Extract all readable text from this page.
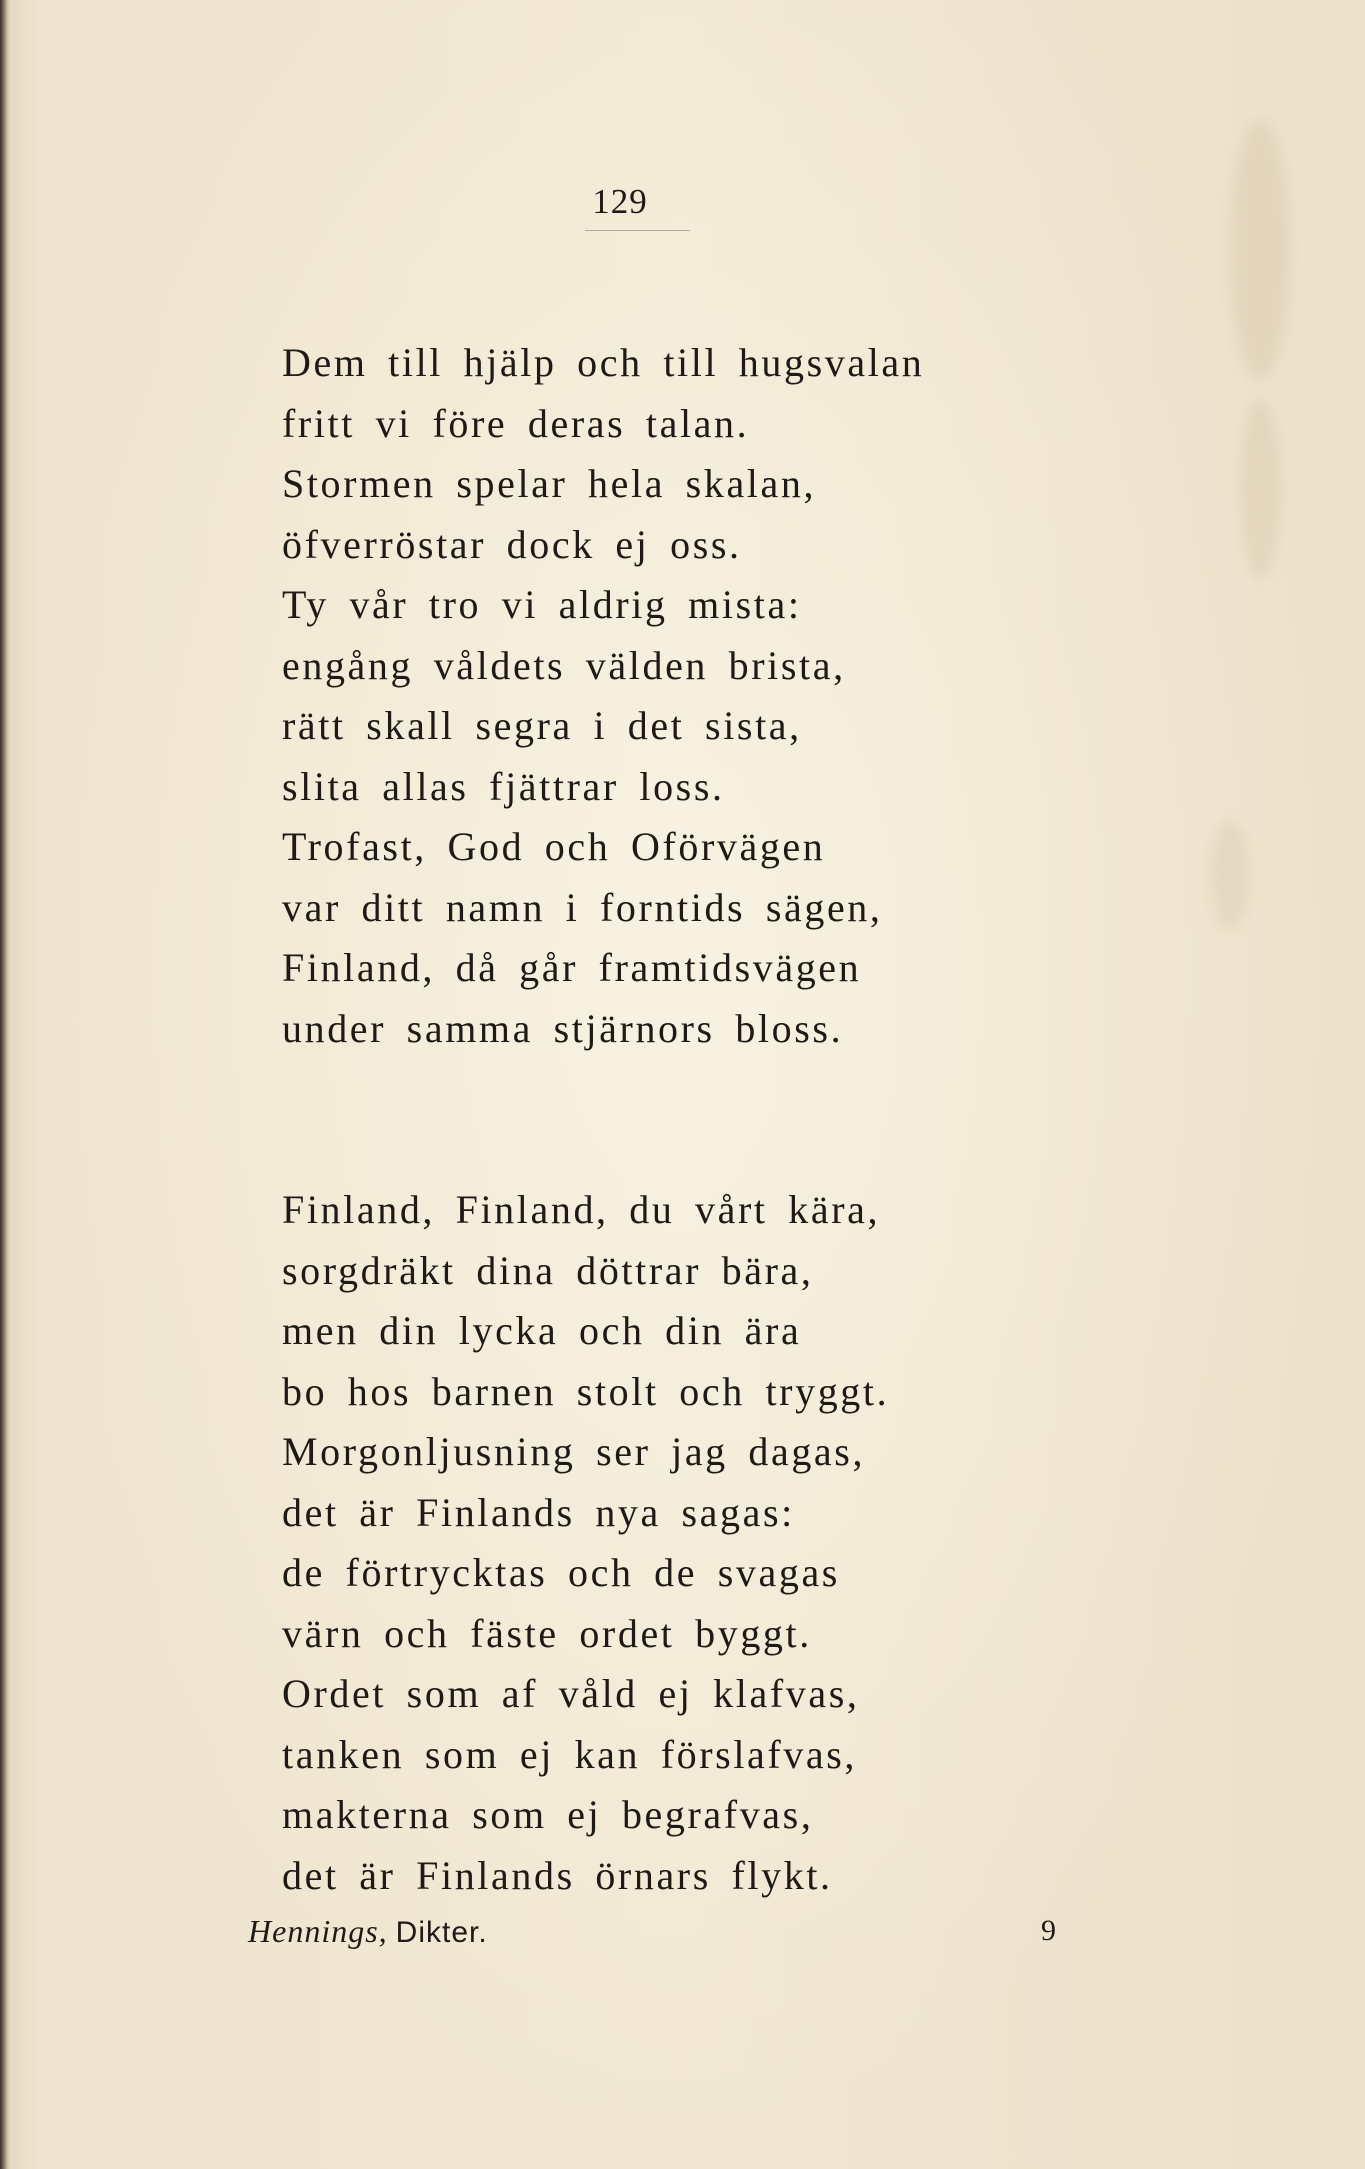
129
Dem till hjälp och till hugsvalan
fritt vi före deras talan.
Stormen spelar hela skalan,
öfverröstar dock ej oss.
Ty vår tro vi aldrig mista:
engång våldets välden brista,
rätt skall segra i det sista,
slita allas fjättrar loss.
Trofast, God och Oförvägen
var ditt namn i forntids sägen,
Finland, då går framtidsvägen
under samma stjärnors bloss.
Finland, Finland, du vårt kära,
sorgdräkt dina döttrar bära,
men din lycka och din ära
bo hos barnen stolt och tryggt.
Morgonljusning ser jag dagas,
det är Finlands nya sagas:
de förtrycktas och de svagas
värn och fäste ordet byggt.
Ordet som af våld ej klafvas,
tanken som ej kan förslafvas,
makterna som ej begrafvas,
det är Finlands örnars flykt.
Hennings, Dikter.	9
